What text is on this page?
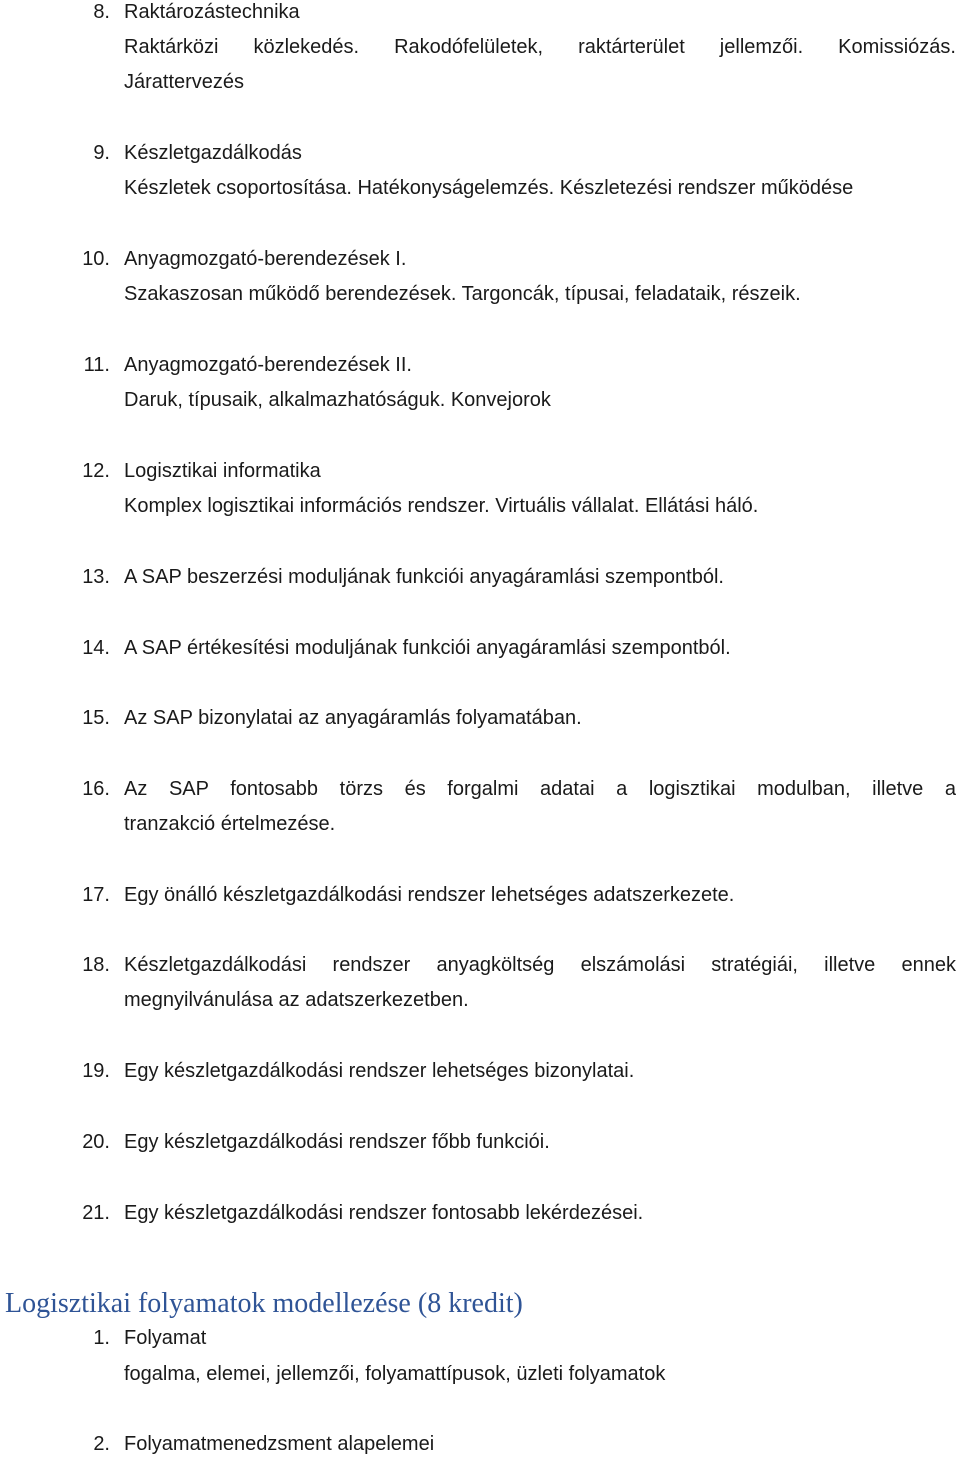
8. Raktározástechnika
Raktárközi közlekedés. Rakodófelületek, raktárterület jellemzői. Komissiózás.
Járattervezés
9. Készletgazdálkodás
Készletek csoportosítása. Hatékonyságelemzés. Készletezési rendszer működése
10. Anyagmozgató-berendezések I.
Szakaszosan működő berendezések. Targoncák, típusai, feladataik, részeik.
11. Anyagmozgató-berendezések II.
Daruk, típusaik, alkalmazhatóságuk. Konvejorok
12. Logisztikai informatika
Komplex logisztikai információs rendszer. Virtuális vállalat. Ellátási háló.
13. A SAP beszerzési moduljának funkciói anyagáramlási szempontból.
14. A SAP értékesítési moduljának funkciói anyagáramlási szempontból.
15. Az SAP bizonylatai az anyagáramlás folyamatában.
16. Az SAP fontosabb törzs és forgalmi adatai a logisztikai modulban, illetve a
tranzakció értelmezése.
17. Egy önálló készletgazdálkodási rendszer lehetséges adatszerkezete.
18. Készletgazdálkodási rendszer anyagköltség elszámolási stratégiái, illetve ennek
megnyilvánulása az adatszerkezetben.
19. Egy készletgazdálkodási rendszer lehetséges bizonylatai.
20. Egy készletgazdálkodási rendszer főbb funkciói.
21. Egy készletgazdálkodási rendszer fontosabb lekérdezései.
Logisztikai folyamatok modellezése (8 kredit)
1. Folyamat
fogalma, elemei, jellemzői, folyamattípusok, üzleti folyamatok
2. Folyamatmenedzsment alapelemei
